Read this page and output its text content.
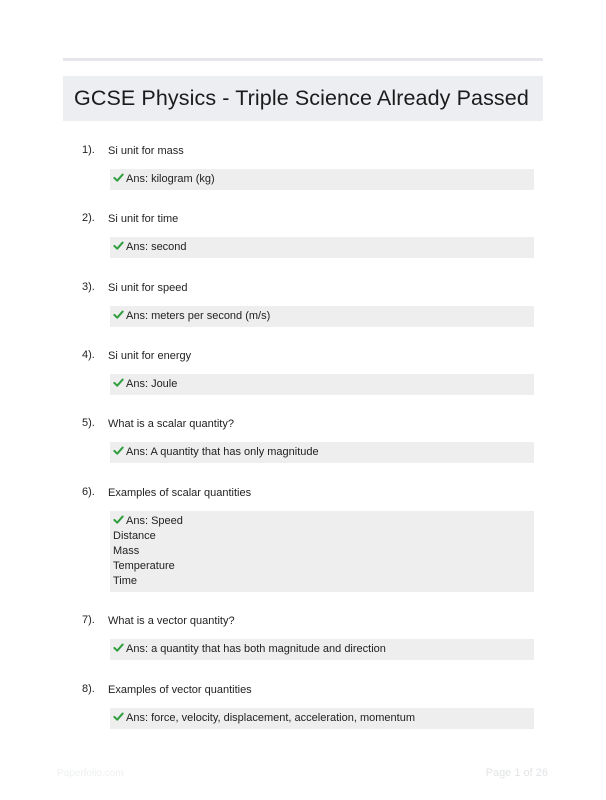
GCSE Physics - Triple Science Already Passed
1). Si unit for mass
Ans: kilogram (kg)
2). Si unit for time
Ans: second
3). Si unit for speed
Ans: meters per second (m/s)
4). Si unit for energy
Ans: Joule
5). What is a scalar quantity?
Ans: A quantity that has only magnitude
6). Examples of scalar quantities
Ans: Speed
Distance
Mass
Temperature
Time
7). What is a vector quantity?
Ans: a quantity that has both magnitude and direction
8). Examples of vector quantities
Ans: force, velocity, displacement, acceleration, momentum
Paperfolio.com	Page 1 of 26
